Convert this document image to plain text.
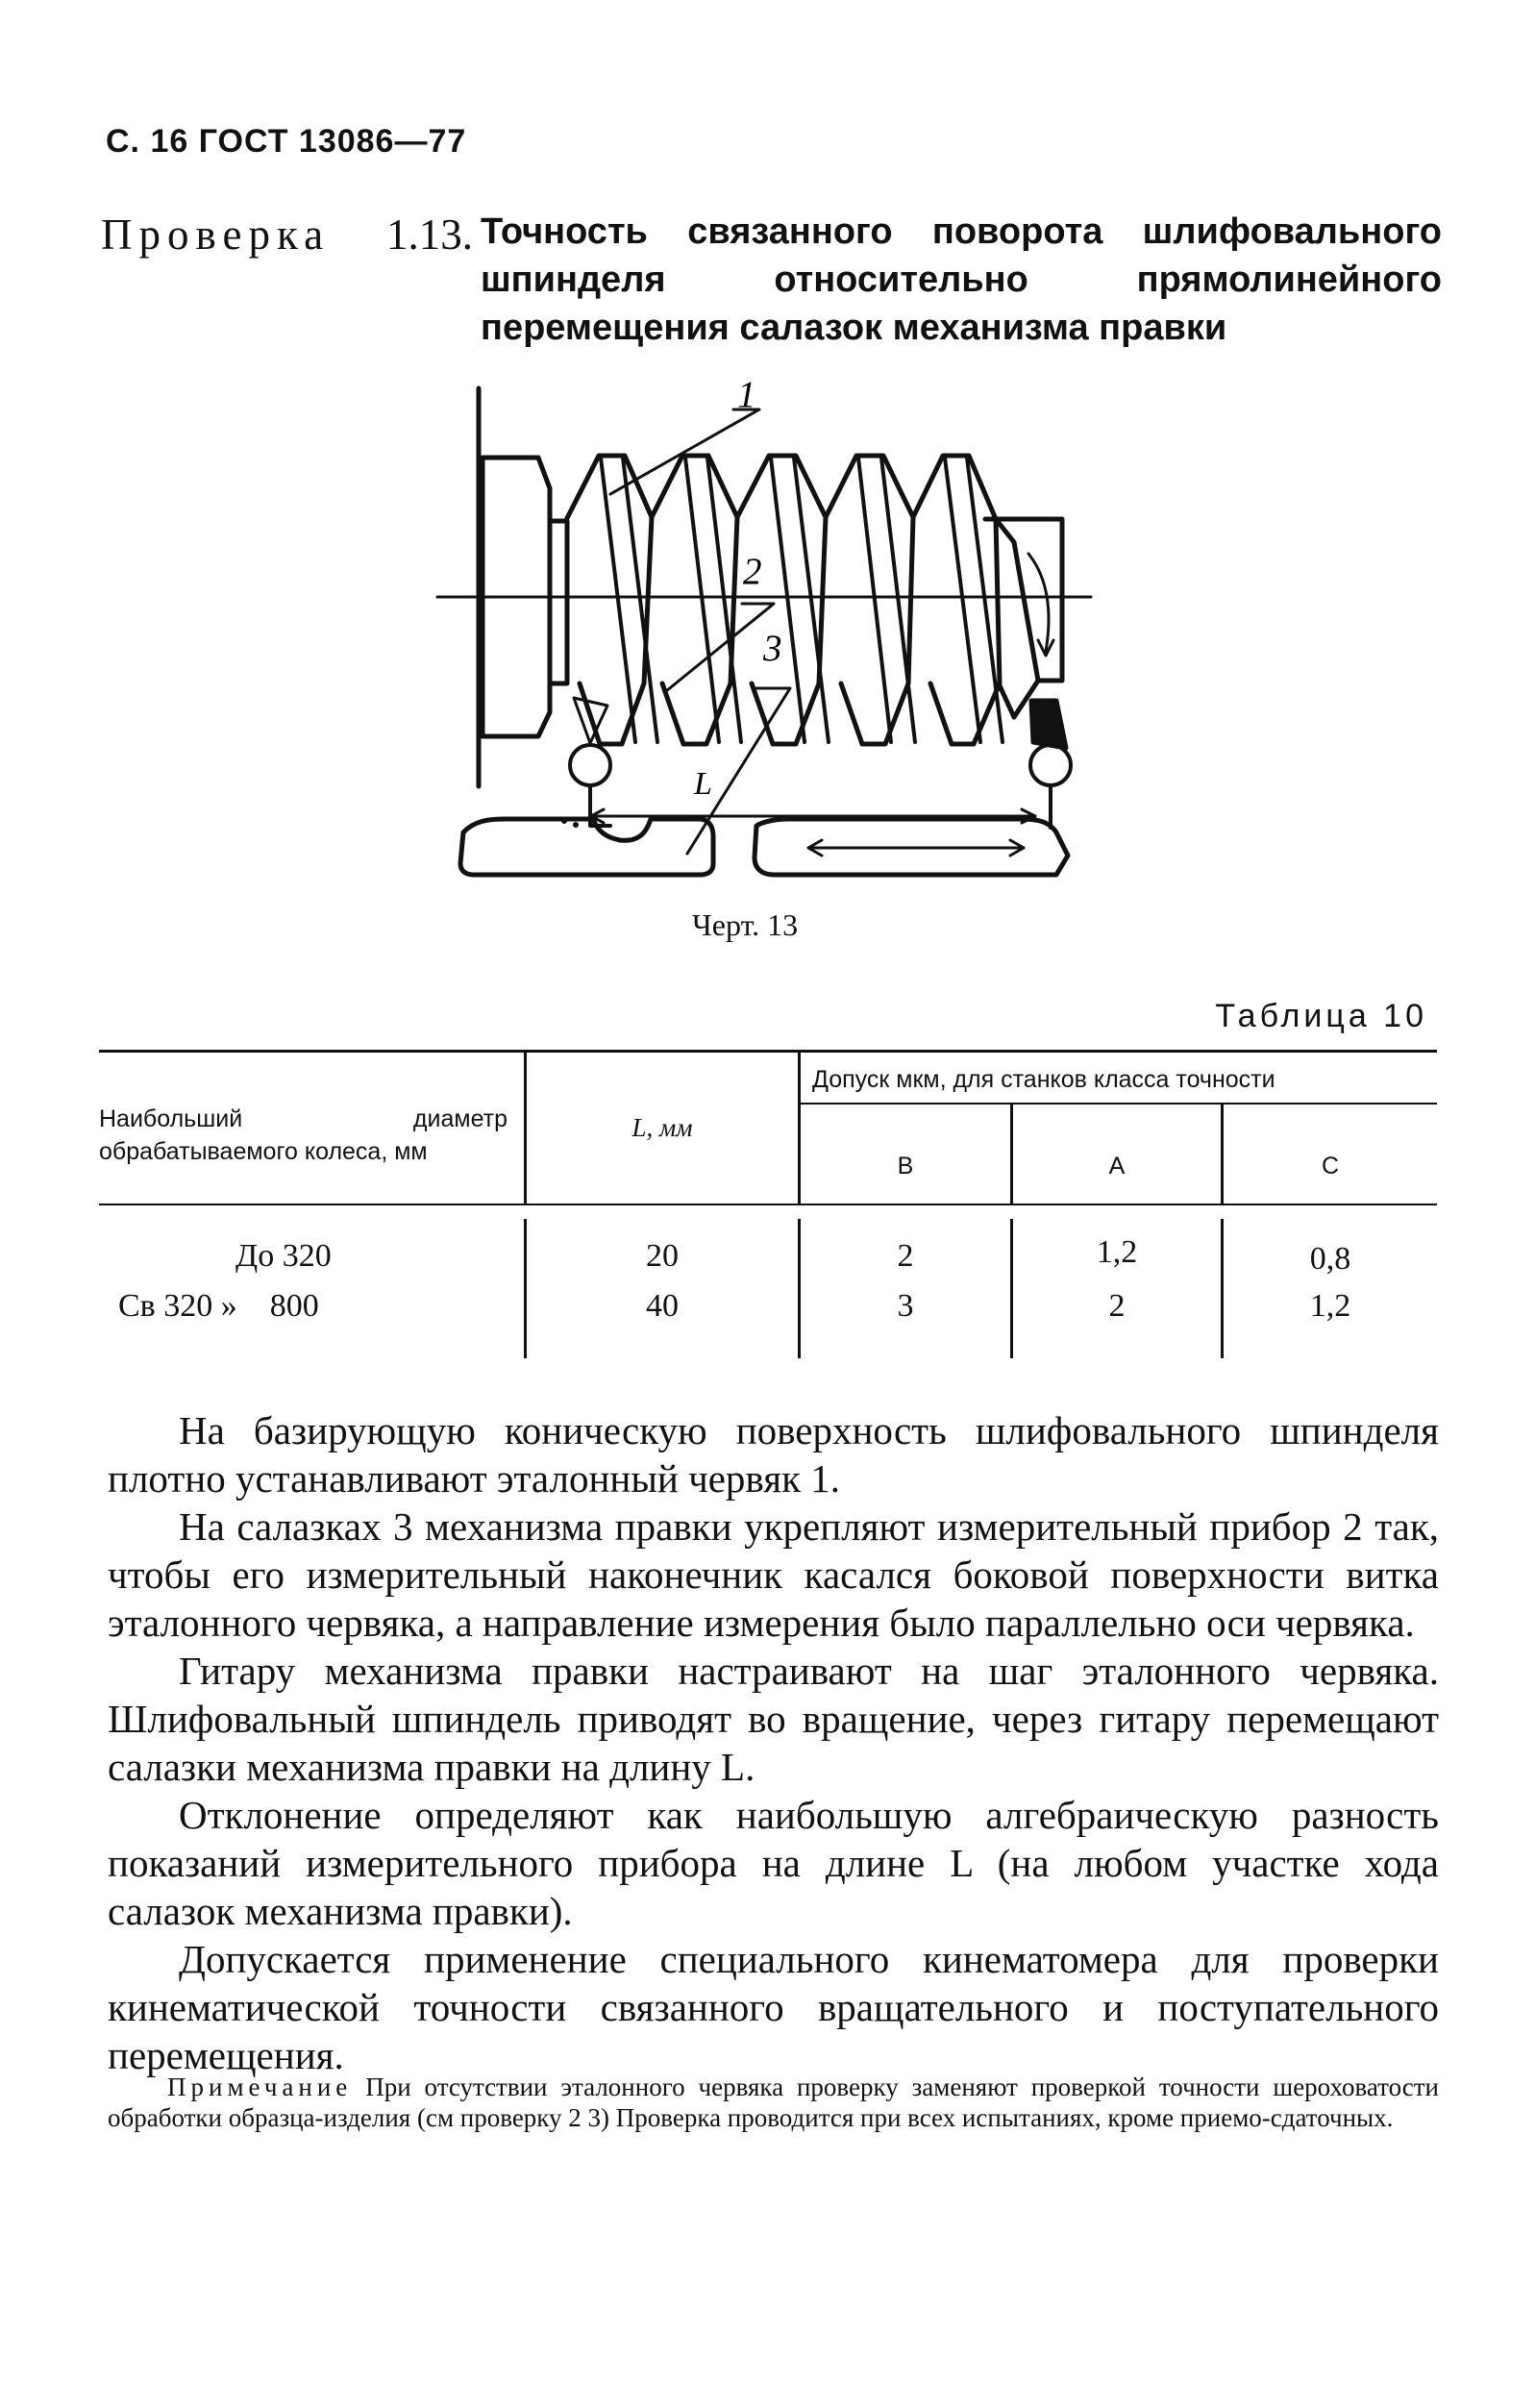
С. 16 ГОСТ 13086—77
Проверка 1.13. Точность связанного поворота шлифовального шпинделя относительно прямолинейного перемещения салазок механизма правки
1
2
3
L
Черт. 13
Таблица 10
Наибольший диаметр обрабатываемого колеса, мм
L, мм
Допуск мкм, для станков класса точности
В	А	С
До 320	20	2	1,2	0,8
Св 320 »    800	40	3	2	1,2

На базирующую коническую поверхность шлифовального шпинделя плотно устанавливают эталонный червяк 1.

На салазках 3 механизма правки укрепляют измерительный прибор 2 так, чтобы его измерительный наконечник касался боковой поверхности витка эталонного червяка, а направление измерения было параллельно оси червяка.

Гитару механизма правки настраивают на шаг эталонного червяка. Шлифовальный шпиндель приводят во вращение, через гитару перемещают салазки механизма правки на длину L.

Отклонение определяют как наибольшую алгебраическую разность показаний измерительного прибора на длине L (на любом участке хода салазок механизма правки).

Допускается применение специального кинематомера для проверки кинематической точности связанного вращательного и поступательного перемещения.

Примечание При отсутствии эталонного червяка проверку заменяют проверкой точности шероховатости обработки образца-изделия (см проверку 2 3) Проверка проводится при всех испытаниях, кроме приемо-сдаточных.
